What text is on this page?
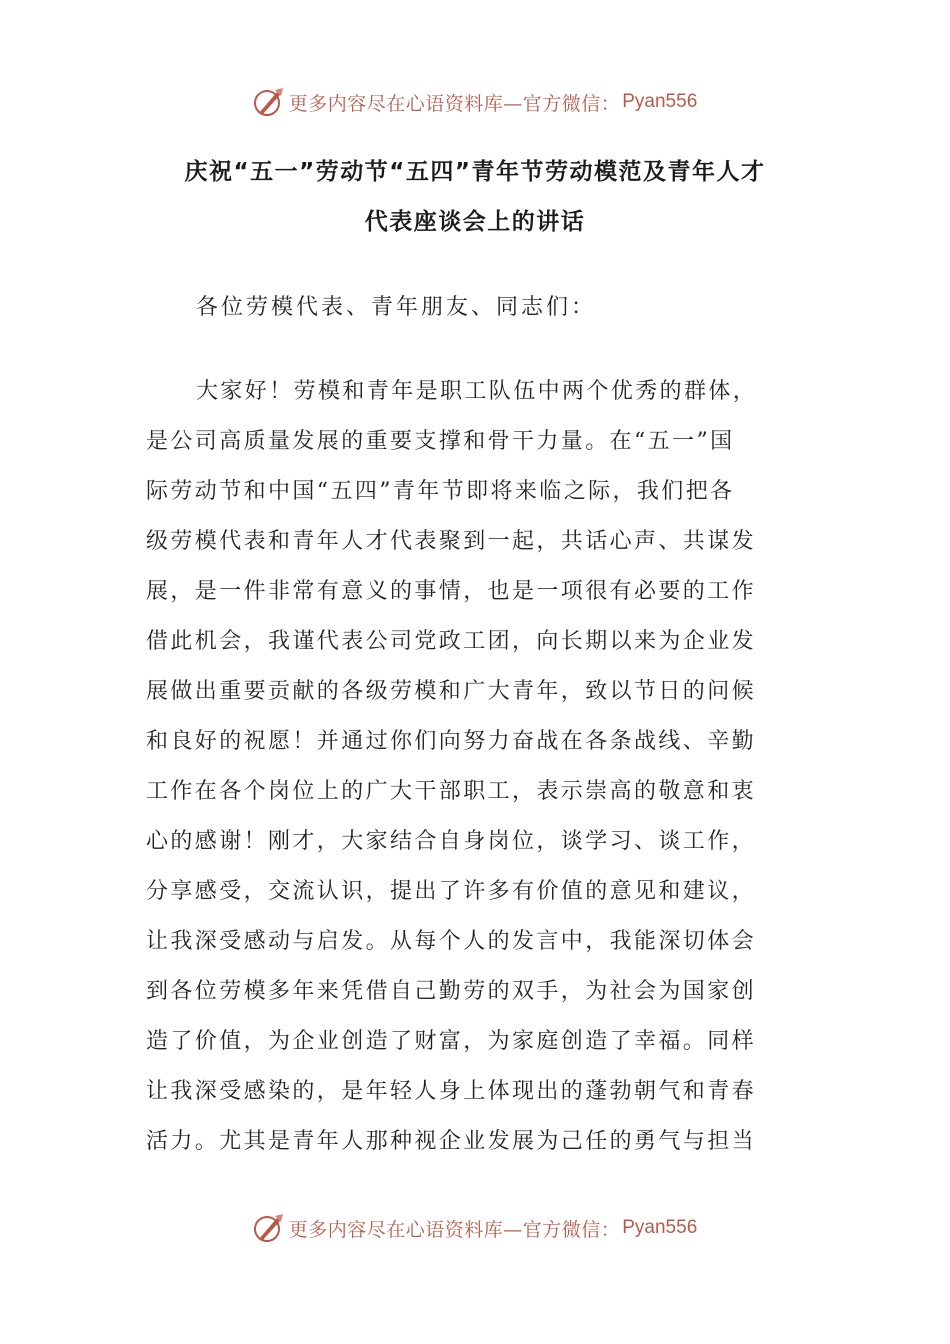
更多内容尽在心语资料库—官方微信： Pyan556
庆祝“五一”劳动节“五四”青年节劳动模范及青年人才
代表座谈会上的讲话

各位劳模代表、青年朋友、同志们：

大家好！劳模和青年是职工队伍中两个优秀的群体，
是公司高质量发展的重要支撑和骨干力量。在“五一”国
际劳动节和中国“五四”青年节即将来临之际，我们把各
级劳模代表和青年人才代表聚到一起，共话心声、共谋发
展，是一件非常有意义的事情，也是一项很有必要的工作
借此机会，我谨代表公司党政工团，向长期以来为企业发
展做出重要贡献的各级劳模和广大青年，致以节日的问候
和良好的祝愿！并通过你们向努力奋战在各条战线、辛勤
工作在各个岗位上的广大干部职工，表示崇高的敬意和衷
心的感谢！刚才，大家结合自身岗位，谈学习、谈工作，
分享感受，交流认识，提出了许多有价值的意见和建议，
让我深受感动与启发。从每个人的发言中，我能深切体会
到各位劳模多年来凭借自己勤劳的双手，为社会为国家创
造了价值，为企业创造了财富，为家庭创造了幸福。同样
让我深受感染的，是年轻人身上体现出的蓬勃朝气和青春
活力。尤其是青年人那种视企业发展为己任的勇气与担当
更多内容尽在心语资料库—官方微信： Pyan556
